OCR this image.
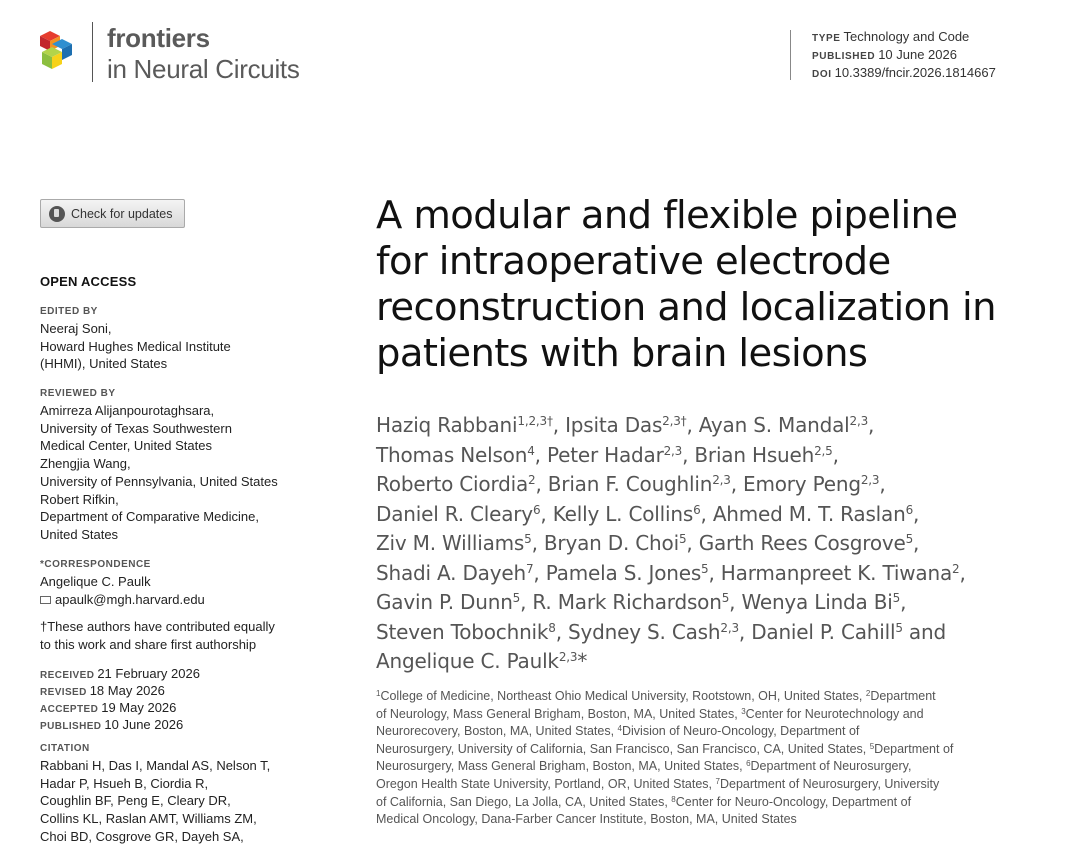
frontiers
in Neural Circuits
TYPE Technology and Code
PUBLISHED 10 June 2026
DOI 10.3389/fncir.2026.1814667
Check for updates
OPEN ACCESS
EDITED BY
Neeraj Soni,
Howard Hughes Medical Institute
(HHMI), United States
REVIEWED BY
Amirreza Alijanpourotaghsara,
University of Texas Southwestern
Medical Center, United States
Zhengjia Wang,
University of Pennsylvania, United States
Robert Rifkin,
Department of Comparative Medicine,
United States
*CORRESPONDENCE
Angelique C. Paulk
apaulk@mgh.harvard.edu
†These authors have contributed equally
to this work and share first authorship
RECEIVED 21 February 2026
REVISED 18 May 2026
ACCEPTED 19 May 2026
PUBLISHED 10 June 2026
CITATION
Rabbani H, Das I, Mandal AS, Nelson T,
Hadar P, Hsueh B, Ciordia R,
Coughlin BF, Peng E, Cleary DR,
Collins KL, Raslan AMT, Williams ZM,
Choi BD, Cosgrove GR, Dayeh SA,
A modular and flexible pipeline
for intraoperative electrode
reconstruction and localization in
patients with brain lesions
Haziq Rabbani$^{1,2,3\dagger}$, Ipsita Das$^{2,3\dagger}$, Ayan S. Mandal$^{2,3}$,
Thomas Nelson$^4$, Peter Hadar$^{2,3}$, Brian Hsueh$^{2,5}$,
Roberto Ciordia$^2$, Brian F. Coughlin$^{2,3}$, Emory Peng$^{2,3}$,
Daniel R. Cleary$^6$, Kelly L. Collins$^6$, Ahmed M. T. Raslan$^6$,
Ziv M. Williams$^5$, Bryan D. Choi$^5$, Garth Rees Cosgrove$^5$,
Shadi A. Dayeh$^7$, Pamela S. Jones$^5$, Harmanpreet K. Tiwana$^2$,
Gavin P. Dunn$^5$, R. Mark Richardson$^5$, Wenya Linda Bi$^5$,
Steven Tobochnik$^8$, Sydney S. Cash$^{2,3}$, Daniel P. Cahill$^5$ and
Angelique C. Paulk$^{2,3}$*
$^1$College of Medicine, Northeast Ohio Medical University, Rootstown, OH, United States, $^2$Department
of Neurology, Mass General Brigham, Boston, MA, United States, $^3$Center for Neurotechnology and
Neurorecovery, Boston, MA, United States, $^4$Division of Neuro-Oncology, Department of
Neurosurgery, University of California, San Francisco, San Francisco, CA, United States, $^5$Department of
Neurosurgery, Mass General Brigham, Boston, MA, United States, $^6$Department of Neurosurgery,
Oregon Health State University, Portland, OR, United States, $^7$Department of Neurosurgery, University
of California, San Diego, La Jolla, CA, United States, $^8$Center for Neuro-Oncology, Department of
Medical Oncology, Dana-Farber Cancer Institute, Boston, MA, United States
